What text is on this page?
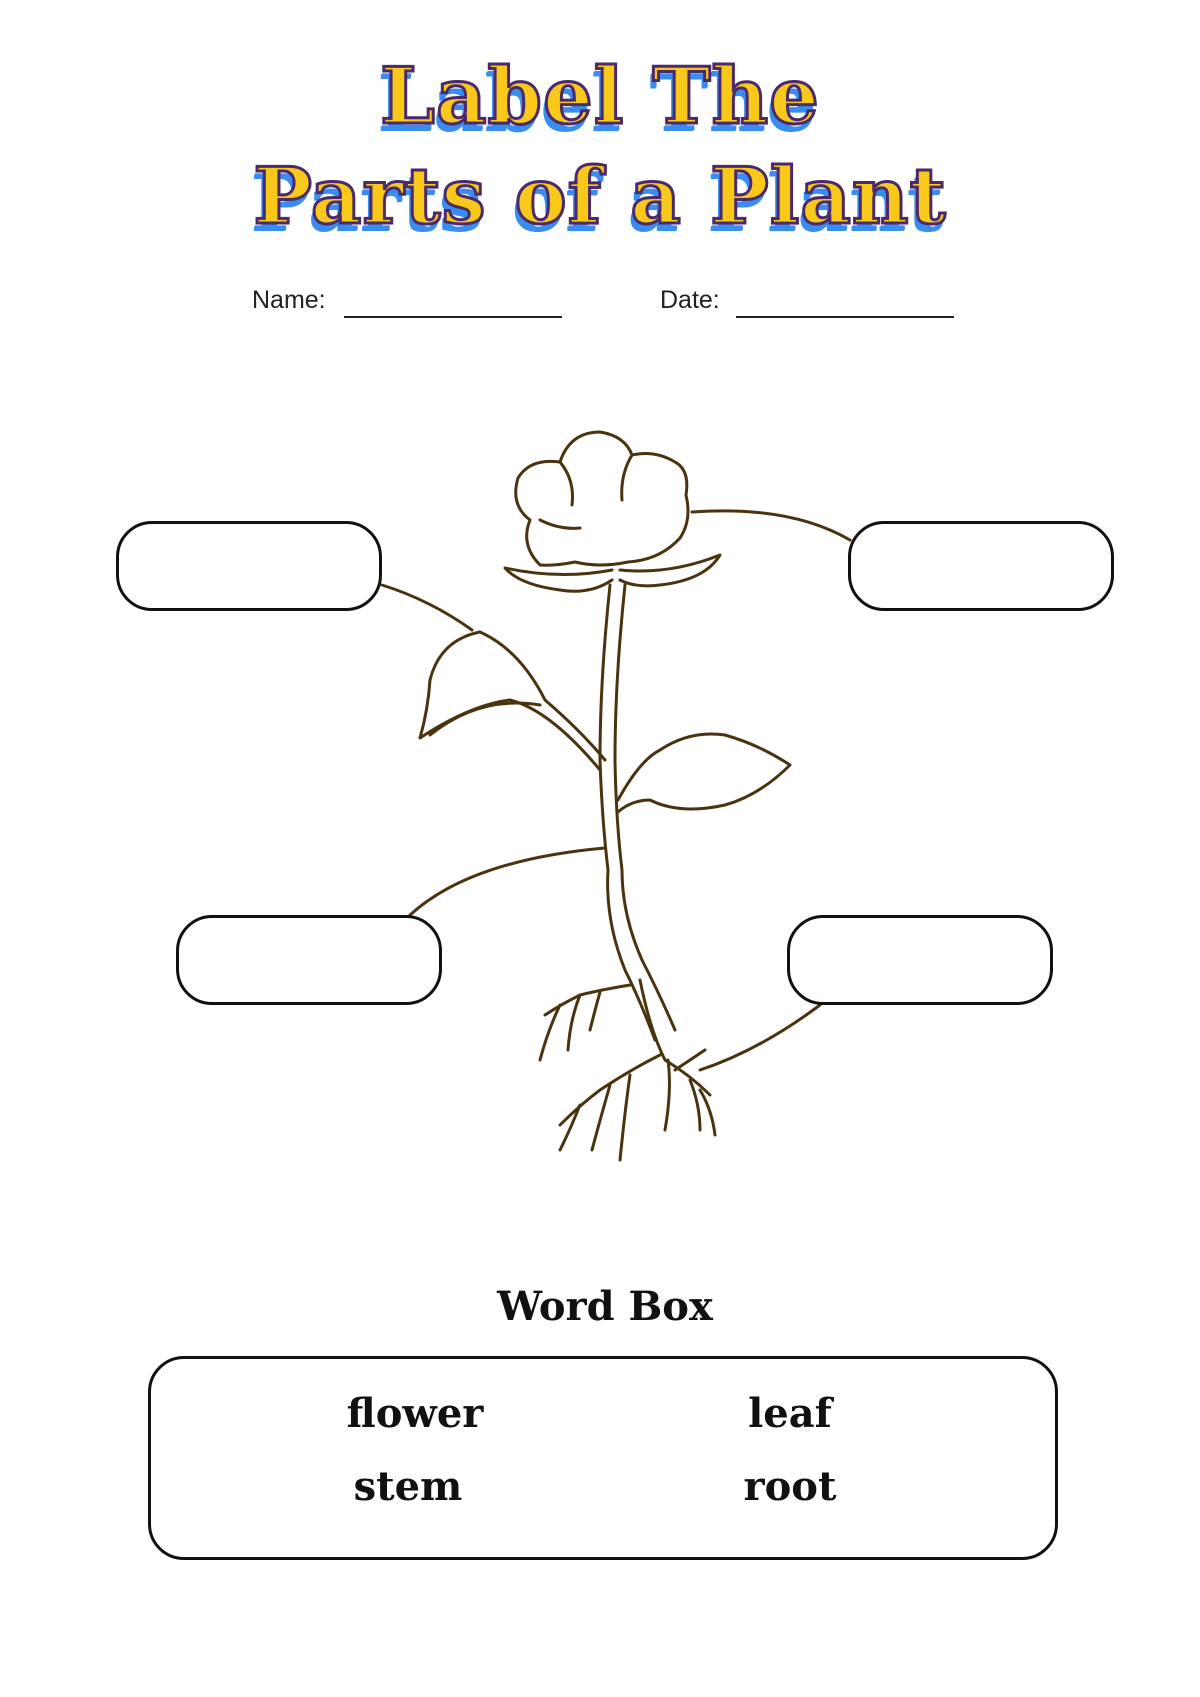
Label The
Parts of a Plant
Name:	Date:
Word Box
flower	leaf
stem	root
